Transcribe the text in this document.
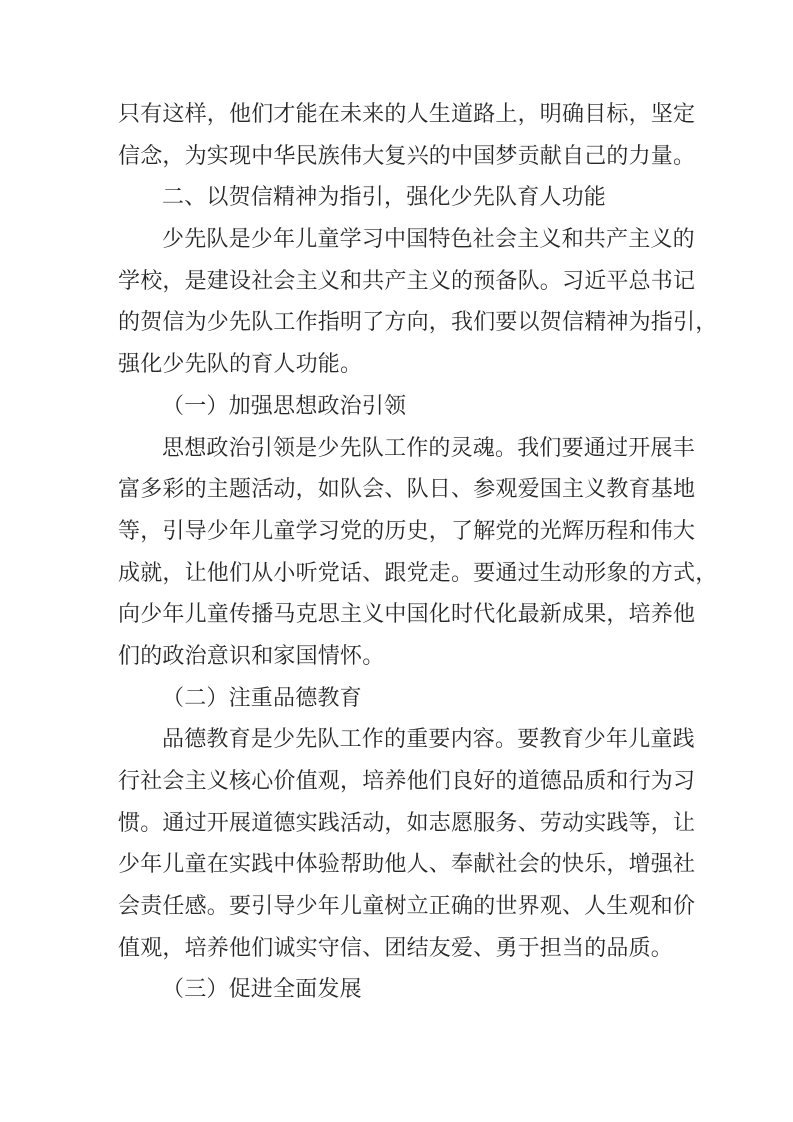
只有这样，他们才能在未来的人生道路上，明确目标，坚定
信念，为实现中华民族伟大复兴的中国梦贡献自己的力量。
二、以贺信精神为指引，强化少先队育人功能
少先队是少年儿童学习中国特色社会主义和共产主义的
学校，是建设社会主义和共产主义的预备队。习近平总书记
的贺信为少先队工作指明了方向，我们要以贺信精神为指引，
强化少先队的育人功能。
（一）加强思想政治引领
思想政治引领是少先队工作的灵魂。我们要通过开展丰
富多彩的主题活动，如队会、队日、参观爱国主义教育基地
等，引导少年儿童学习党的历史，了解党的光辉历程和伟大
成就，让他们从小听党话、跟党走。要通过生动形象的方式，
向少年儿童传播马克思主义中国化时代化最新成果，培养他
们的政治意识和家国情怀。
（二）注重品德教育
品德教育是少先队工作的重要内容。要教育少年儿童践
行社会主义核心价值观，培养他们良好的道德品质和行为习
惯。通过开展道德实践活动，如志愿服务、劳动实践等，让
少年儿童在实践中体验帮助他人、奉献社会的快乐，增强社
会责任感。要引导少年儿童树立正确的世界观、人生观和价
值观，培养他们诚实守信、团结友爱、勇于担当的品质。
（三）促进全面发展
